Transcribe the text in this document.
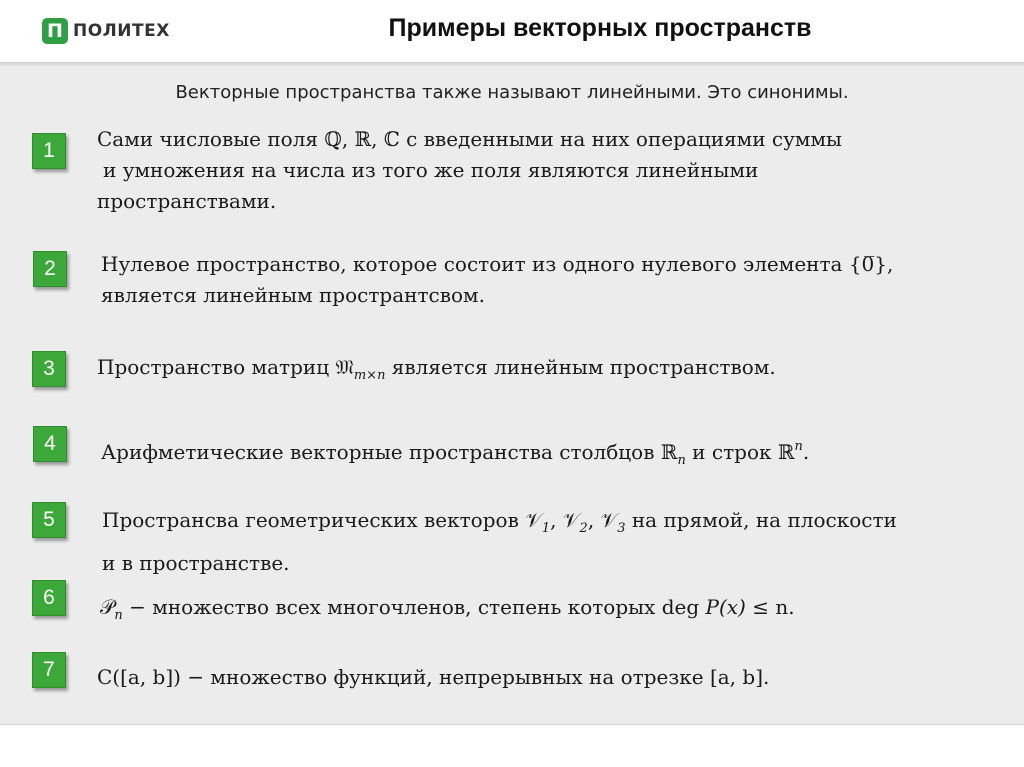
П ПОЛИТЕХ	Примеры векторных пространств
Векторные пространства также называют линейными. Это синонимы.
1	Сами числовые поля ℚ, ℝ, ℂ с введенными на них операциями суммы
и умножения на числа из того же поля являются линейными
пространствами.
2	Нулевое пространство, которое состоит из одного нулевого элемента {0̅},
является линейным пространтсвом.
3	Пространство матриц 𝔐$_{m\times n}$ является линейным пространством.
4	Арифметические векторные пространства столбцов ℝ$_n$ и строк ℝ$^n$.
5	Пространсва геометрических векторов 𝒱$_1$, 𝒱$_2$, 𝒱$_3$ на прямой, на плоскости
и в пространстве.
6	𝒫$_n$ − множество всех многочленов, степень которых deg P(x) ≤ n.
7	C([a, b]) − множество функций, непрерывных на отрезке [a, b].
